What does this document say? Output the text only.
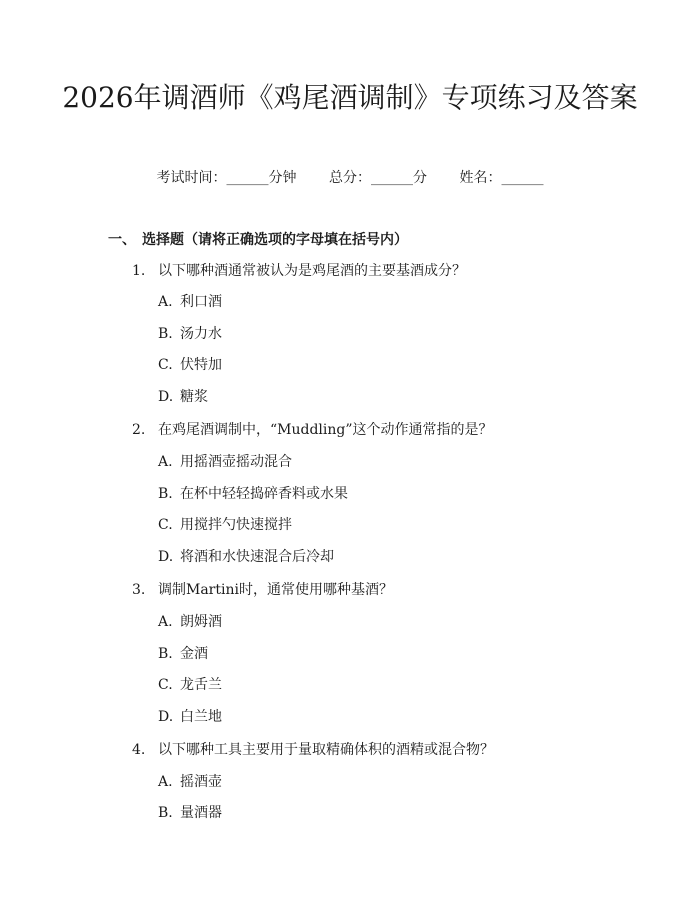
2026年调酒师《鸡尾酒调制》专项练习及答案
考试时间：______分钟 总分：______分 姓名：______
一、 选择题（请将正确选项的字母填在括号内）
1. 以下哪种酒通常被认为是鸡尾酒的主要基酒成分？
A. 利口酒
B. 汤力水
C. 伏特加
D. 糖浆
2. 在鸡尾酒调制中，“Muddling”这个动作通常指的是？
A. 用摇酒壶摇动混合
B. 在杯中轻轻捣碎香料或水果
C. 用搅拌勺快速搅拌
D. 将酒和水快速混合后冷却
3. 调制Martini时，通常使用哪种基酒？
A. 朗姆酒
B. 金酒
C. 龙舌兰
D. 白兰地
4. 以下哪种工具主要用于量取精确体积的酒精或混合物？
A. 摇酒壶
B. 量酒器
